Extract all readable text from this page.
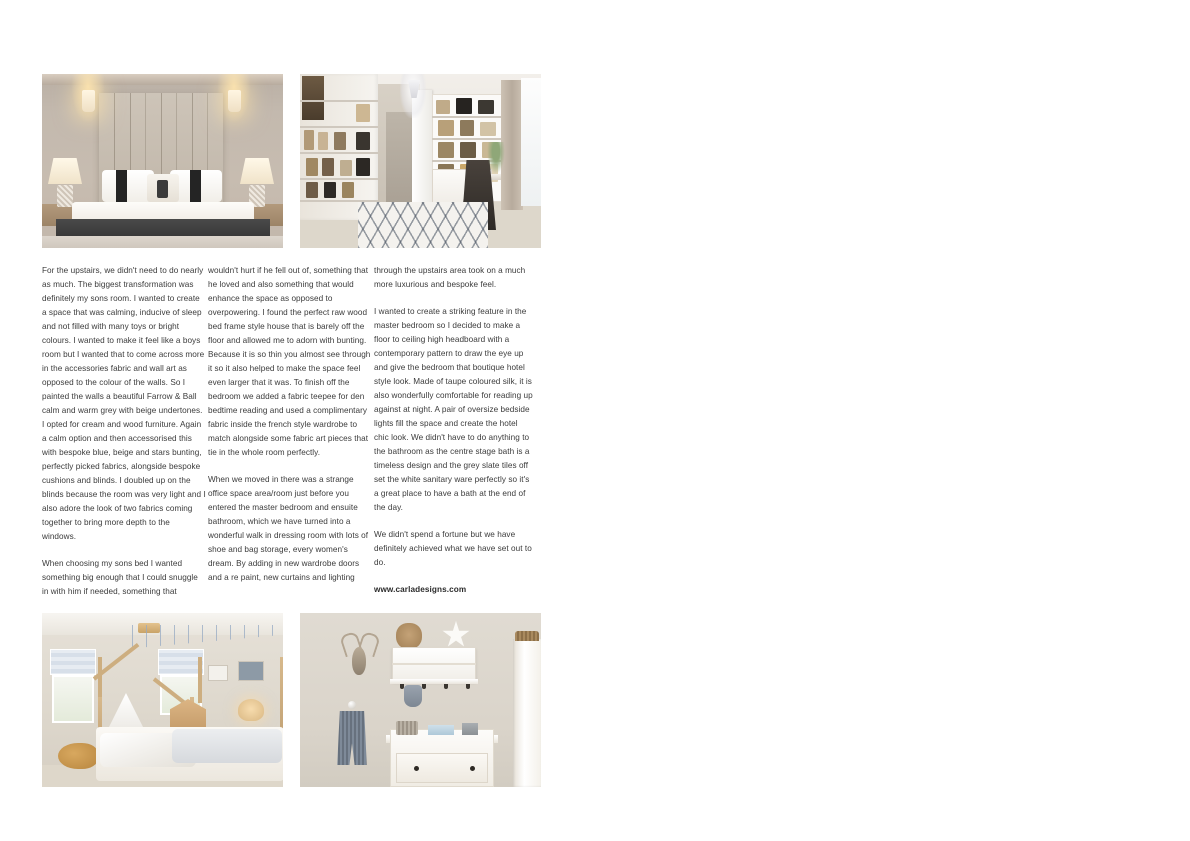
For the upstairs, we didn't need to do nearly as much. The biggest transformation was definitely my sons room. I wanted to create a space that was calming, inducive of sleep and not filled with many toys or bright colours. I wanted to make it feel like a boys room but I wanted that to come across more in the accessories fabric and wall art as opposed to the colour of the walls. So I painted the walls a beautiful Farrow & Ball calm and warm grey with beige undertones. I opted for cream and wood furniture. Again a calm option and then accessorised this with bespoke blue, beige and stars bunting, perfectly picked fabrics, alongside bespoke cushions and blinds. I doubled up on the blinds because the room was very light and I also adore the look of two fabrics coming together to bring more depth to the windows.

When choosing my sons bed I wanted something big enough that I could snuggle in with him if needed, something that

wouldn't hurt if he fell out of, something that he loved and also something that would enhance the space as opposed to overpowering. I found the perfect raw wood bed frame style house that is barely off the floor and allowed me to adorn with bunting. Because it is so thin you almost see through it so it also helped to make the space feel even larger that it was. To finish off the bedroom we added a fabric teepee for den bedtime reading and used a complimentary fabric inside the french style wardrobe to match alongside some fabric art pieces that tie in the whole room perfectly.

When we moved in there was a strange office space area/room just before you entered the master bedroom and ensuite bathroom, which we have turned into a wonderful walk in dressing room with lots of shoe and bag storage, every women's dream. By adding in new wardrobe doors and a re paint, new curtains and lighting

through the upstairs area took on a much more luxurious and bespoke feel.

I wanted to create a striking feature in the master bedroom so I decided to make a floor to ceiling high headboard with a contemporary pattern to draw the eye up and give the bedroom that boutique hotel style look. Made of taupe coloured silk, it is also wonderfully comfortable for reading up against at night. A pair of oversize bedside lights fill the space and create the hotel chic look. We didn't have to do anything to the bathroom as the centre stage bath is a timeless design and the grey slate tiles off set the white sanitary ware perfectly so it's a great place to have a bath at the end of the day.

We didn't spend a fortune but we have definitely achieved what we have set out to do.

www.carladesigns.com
